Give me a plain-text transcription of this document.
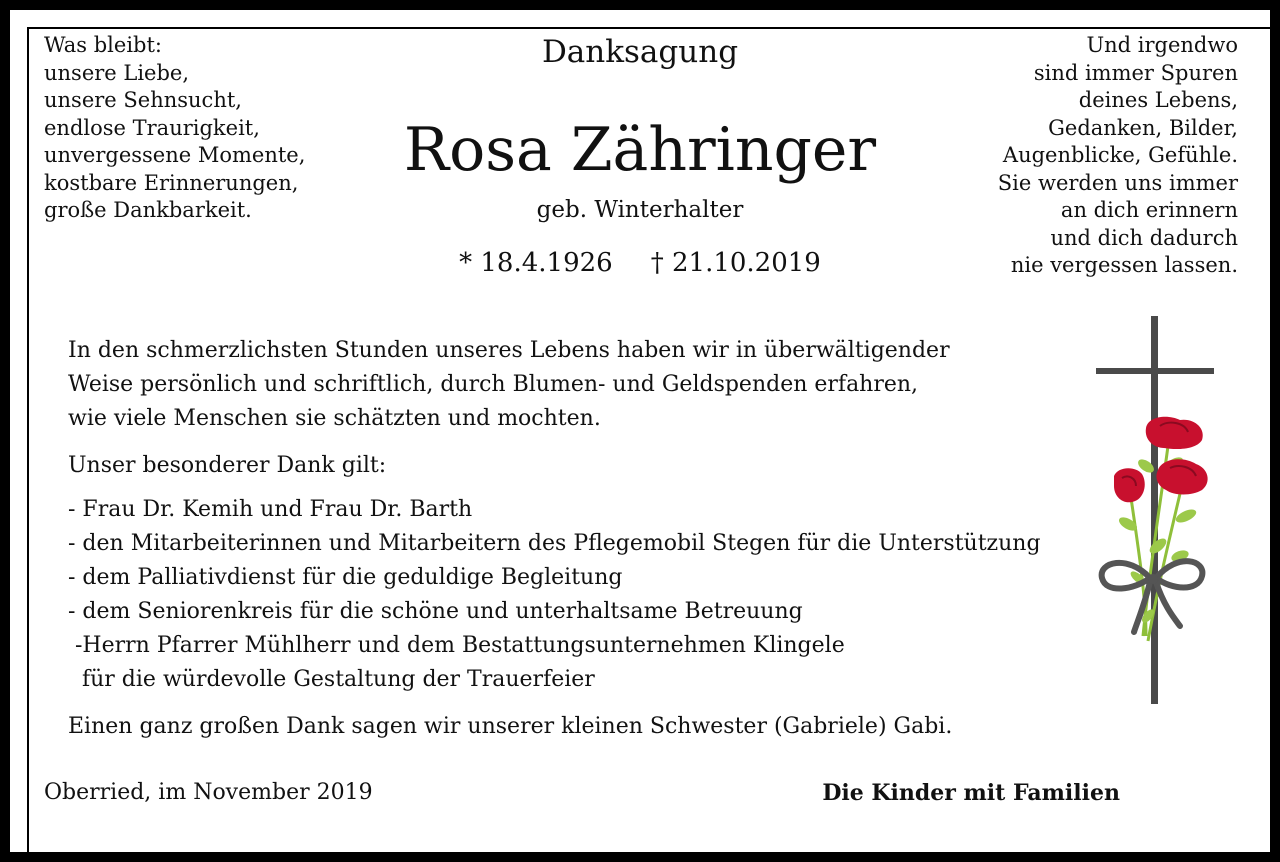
Was bleibt:
unsere Liebe,
unsere Sehnsucht,
endlose Traurigkeit,
unvergessene Momente,
kostbare Erinnerungen,
große Dankbarkeit.
Und irgendwo
sind immer Spuren
deines Lebens,
Gedanken, Bilder,
Augenblicke, Gefühle.
Sie werden uns immer
an dich erinnern
und dich dadurch
nie vergessen lassen.
Danksagung
Rosa Zähringer
geb. Winterhalter
* 18.4.1926 † 21.10.2019
In den schmerzlichsten Stunden unseres Lebens haben wir in überwältigender
Weise persönlich und schriftlich, durch Blumen- und Geldspenden erfahren,
wie viele Menschen sie schätzten und mochten.
Unser besonderer Dank gilt:
- Frau Dr. Kemih und Frau Dr. Barth
- den Mitarbeiterinnen und Mitarbeitern des Pflegemobil Stegen für die Unterstützung
- dem Palliativdienst für die geduldige Begleitung
- dem Seniorenkreis für die schöne und unterhaltsame Betreuung
-Herrn Pfarrer Mühlherr und dem Bestattungsunternehmen Klingele
für die würdevolle Gestaltung der Trauerfeier
Einen ganz großen Dank sagen wir unserer kleinen Schwester (Gabriele) Gabi.
Oberried, im November 2019	Die Kinder mit Familien
